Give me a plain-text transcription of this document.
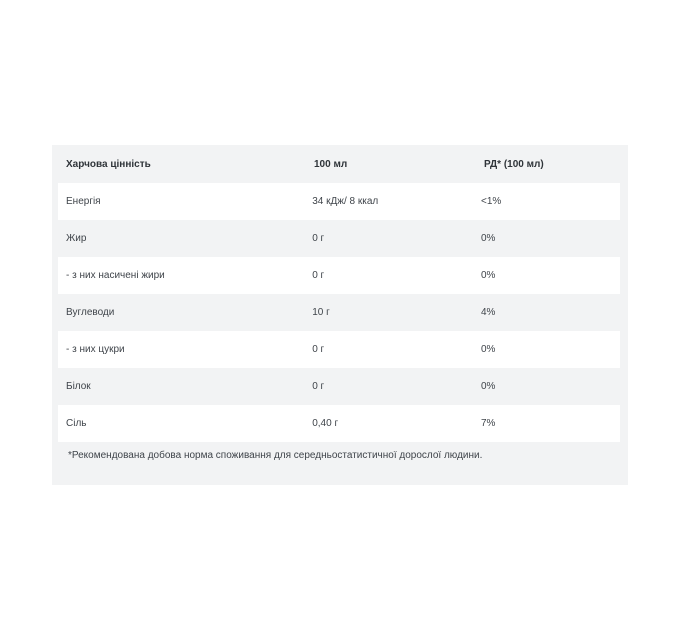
Харчова цінність	100 мл	РД* (100 мл)
Енергія	34 кДж/ 8 ккал	<1%
Жир	0 г	0%
- з них насичені жири	0 г	0%
Вуглеводи	10 г	4%
- з них цукри	0 г	0%
Білок	0 г	0%
Сіль	0,40 г	7%
*Рекомендована добова норма споживання для середньостатистичної дорослої людини.
